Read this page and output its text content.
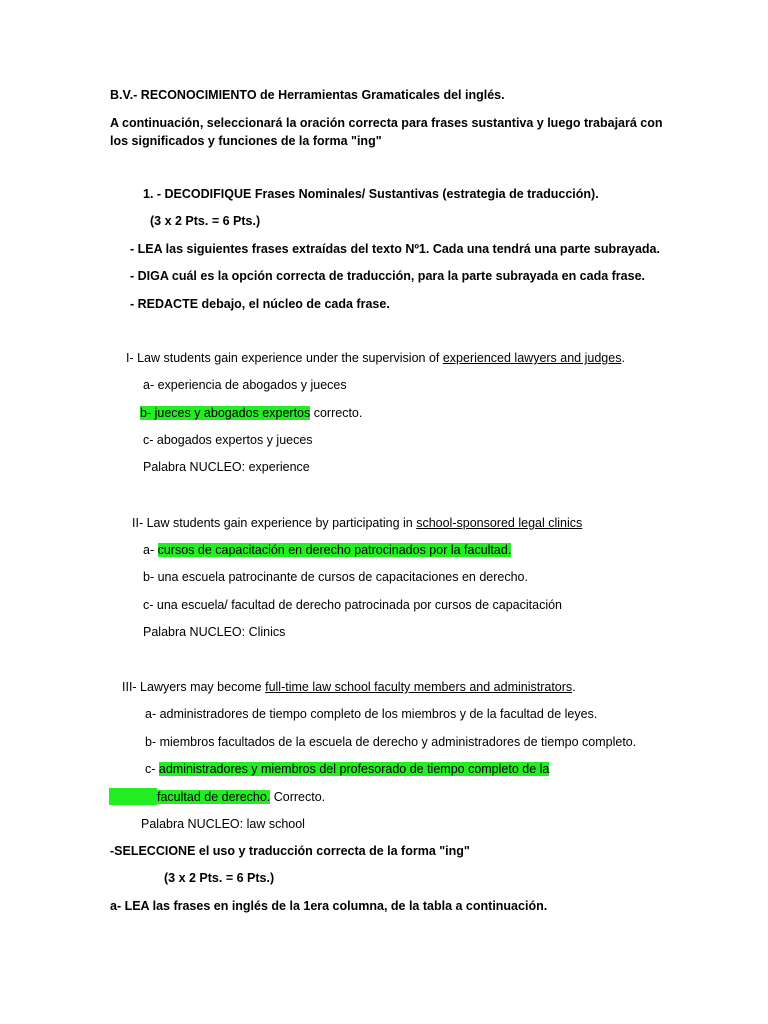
B.V.- RECONOCIMIENTO de Herramientas Gramaticales del inglés.
A continuación, seleccionará la oración correcta para frases sustantiva y luego trabajará con
los significados y funciones de la forma "ing"
1. - DECODIFIQUE Frases Nominales/ Sustantivas (estrategia de traducción).
(3 x 2 Pts. = 6 Pts.)
- LEA las siguientes frases extraídas del texto Nº1. Cada una tendrá una parte subrayada.
- DIGA cuál es la opción correcta de traducción, para la parte subrayada en cada frase.
- REDACTE debajo, el núcleo de cada frase.
I- Law students gain experience under the supervision of experienced lawyers and judges.
a- experiencia de abogados y jueces
b- jueces y abogados expertos correcto.
c- abogados expertos y jueces
Palabra NUCLEO: experience
II- Law students gain experience by participating in school-sponsored legal clinics
a- cursos de capacitación en derecho patrocinados por la facultad.
b- una escuela patrocinante de cursos de capacitaciones en derecho.
c- una escuela/ facultad de derecho patrocinada por cursos de capacitación
Palabra NUCLEO: Clinics
III- Lawyers may become full-time law school faculty members and administrators.
a- administradores de tiempo completo de los miembros y de la facultad de leyes.
b- miembros facultados de la escuela de derecho y administradores de tiempo completo.
c- administradores y miembros del profesorado de tiempo completo de la
facultad de derecho. Correcto.
Palabra NUCLEO: law school
-SELECCIONE el uso y traducción correcta de la forma "ing"
(3 x 2 Pts. = 6 Pts.)
a- LEA las frases en inglés de la 1era columna, de la tabla a continuación.
